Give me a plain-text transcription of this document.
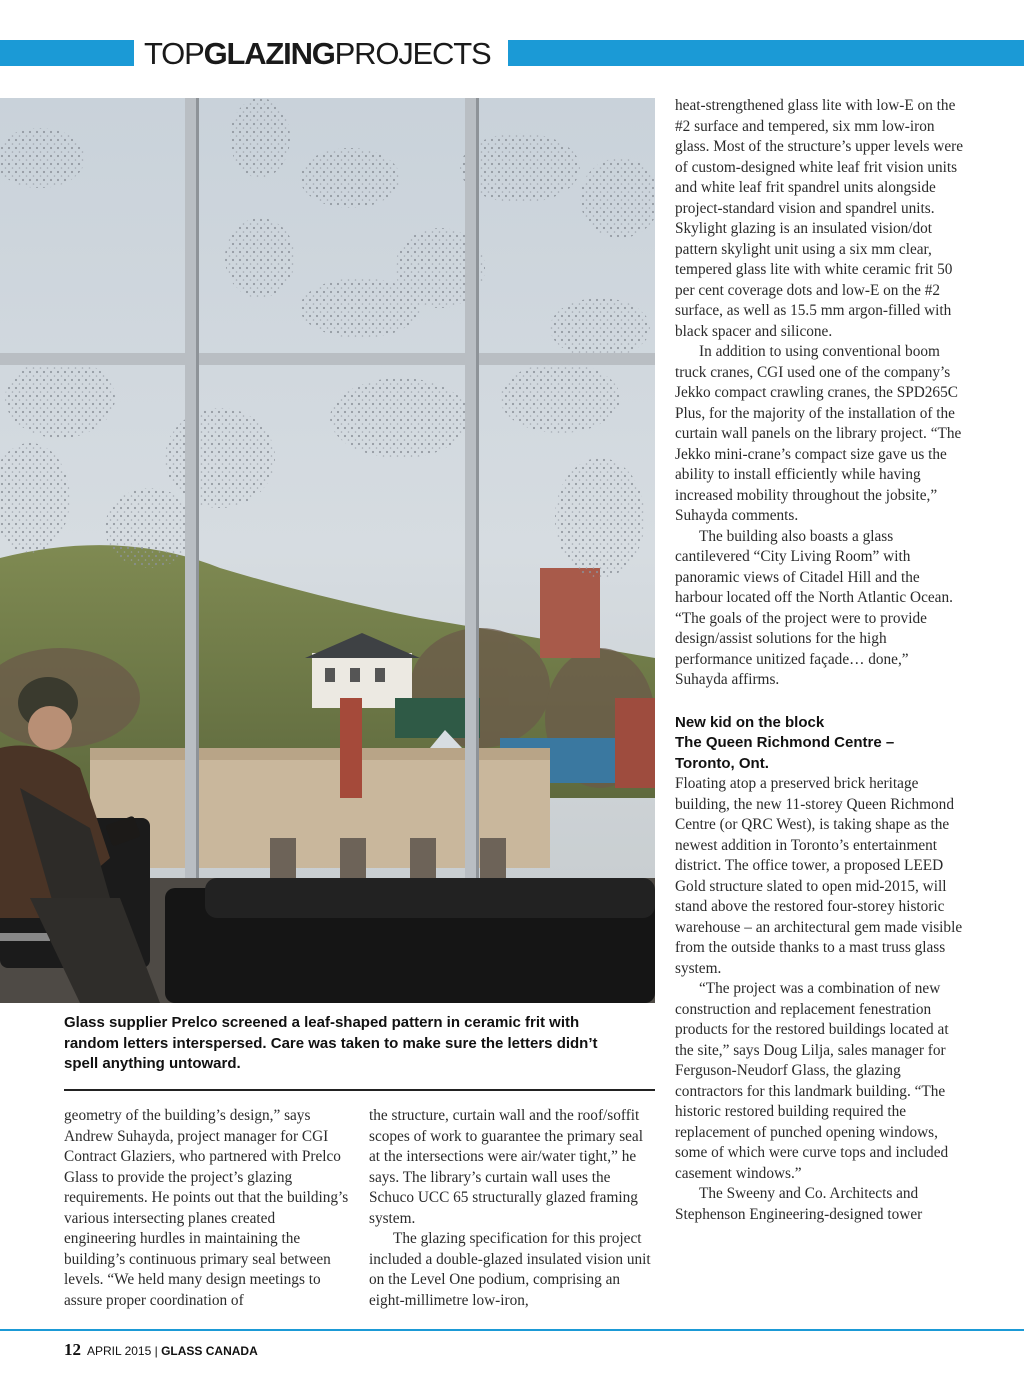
TOPGLAZINGPROJECTS
Glass supplier Prelco screened a leaf-shaped pattern in ceramic frit with random letters interspersed. Care was taken to make sure the letters didn’t spell anything untoward.

geometry of the building’s design,” says Andrew Suhayda, project manager for CGI Contract Glaziers, who partnered with Prelco Glass to provide the project’s glazing requirements. He points out that the building’s various intersecting planes created engineering hurdles in maintaining the building’s continuous primary seal between levels. “We held many design meetings to assure proper coordination of

the structure, curtain wall and the roof/soffit scopes of work to guarantee the primary seal at the intersections were air/water tight,” he says. The library’s curtain wall uses the Schuco UCC 65 structurally glazed framing system.

The glazing specification for this project included a double-glazed insulated vision unit on the Level One podium, comprising an eight-millimetre low-iron,

heat-strengthened glass lite with low-E on the #2 surface and tempered, six mm low-iron glass. Most of the structure’s upper levels were of custom-designed white leaf frit vision units and white leaf frit spandrel units alongside project-standard vision and spandrel units. Skylight glazing is an insulated vision/dot pattern skylight unit using a six mm clear, tempered glass lite with white ceramic frit 50 per cent coverage dots and low-E on the #2 surface, as well as 15.5 mm argon-filled with black spacer and silicone.

In addition to using conventional boom truck cranes, CGI used one of the company’s Jekko compact crawling cranes, the SPD265C Plus, for the majority of the installation of the curtain wall panels on the library project. “The Jekko mini-crane’s compact size gave us the ability to install efficiently while having increased mobility throughout the jobsite,” Suhayda comments.

The building also boasts a glass cantilevered “City Living Room” with panoramic views of Citadel Hill and the harbour located off the North Atlantic Ocean. “The goals of the project were to provide design/assist solutions for the high performance unitized façade… done,” Suhayda affirms.

New kid on the block
The Queen Richmond Centre –
Toronto, Ont.

Floating atop a preserved brick heritage building, the new 11-storey Queen Richmond Centre (or QRC West), is taking shape as the newest addition in Toronto’s entertainment district. The office tower, a proposed LEED Gold structure slated to open mid-2015, will stand above the restored four-storey historic warehouse – an architectural gem made visible from the outside thanks to a mast truss glass system.

“The project was a combination of new construction and replacement fenestration products for the restored buildings located at the site,” says Doug Lilja, sales manager for Ferguson-Neudorf Glass, the glazing contractors for this landmark building. “The historic restored building required the replacement of punched opening windows, some of which were curve tops and included casement windows.”

The Sweeny and Co. Architects and Stephenson Engineering-designed tower

12 APRIL 2015 | GLASS CANADA
